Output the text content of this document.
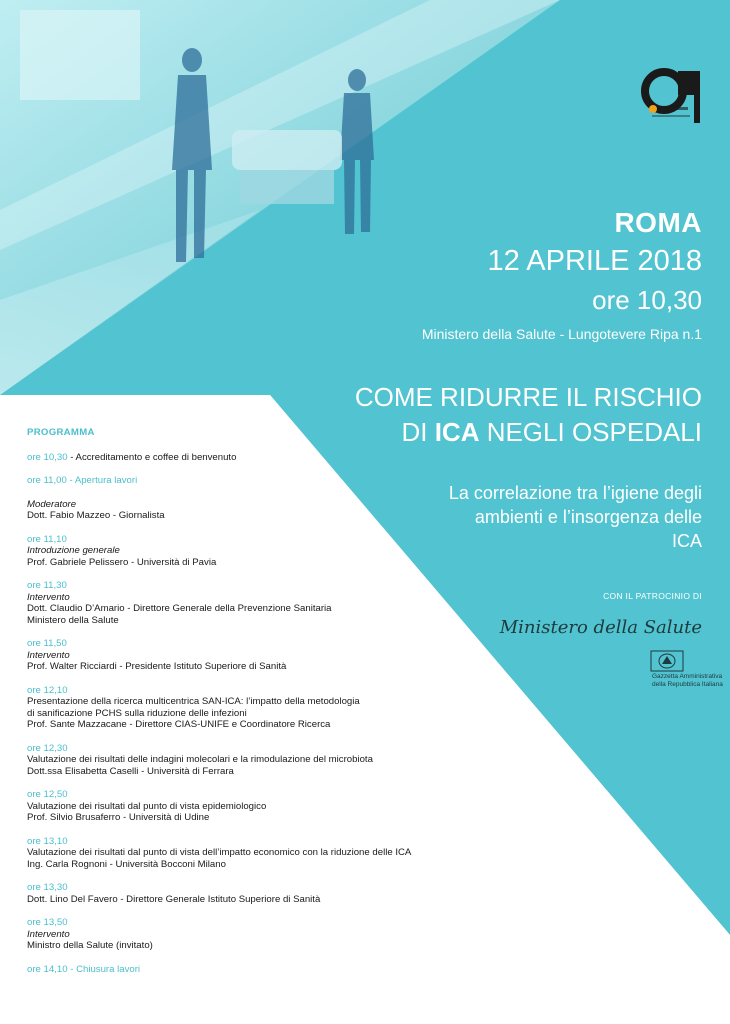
ROMA
12 APRILE 2018
ore 10,30
Ministero della Salute - Lungotevere Ripa n.1
COME RIDURRE IL RISCHIO
DI ICA NEGLI OSPEDALI
La correlazione tra l’igiene degli
ambienti e l’insorgenza delle
ICA
CON IL PATROCINIO DI
Ministero della Salute
Gazzetta Amministrativa
della Repubblica Italiana
PROGRAMMA
ore 10,30 - Accreditamento e coffee di benvenuto
ore 11,00 - Apertura lavori
Moderatore
Dott. Fabio Mazzeo - Giornalista
ore 11,10
Introduzione generale
Prof. Gabriele Pelissero - Università di Pavia
ore 11,30
Intervento
Dott. Claudio D’Amario - Direttore Generale della Prevenzione Sanitaria
Ministero della Salute
ore 11,50
Intervento
Prof. Walter Ricciardi - Presidente Istituto Superiore di Sanità
ore 12,10
Presentazione della ricerca multicentrica SAN-ICA: l’impatto della metodologia
di sanificazione PCHS sulla riduzione delle infezioni
Prof. Sante Mazzacane - Direttore CIAS-UNIFE e Coordinatore Ricerca
ore 12,30
Valutazione dei risultati delle indagini molecolari e la rimodulazione del microbiota
Dott.ssa Elisabetta Caselli - Università di Ferrara
ore 12,50
Valutazione dei risultati dal punto di vista epidemiologico
Prof. Silvio Brusaferro - Università di Udine
ore 13,10
Valutazione dei risultati dal punto di vista dell’impatto economico con la riduzione delle ICA
Ing. Carla Rognoni - Università Bocconi Milano
ore 13,30
Dott. Lino Del Favero - Direttore Generale Istituto Superiore di Sanità
ore 13,50
Intervento
Ministro della Salute (invitato)
ore 14,10 - Chiusura lavori
